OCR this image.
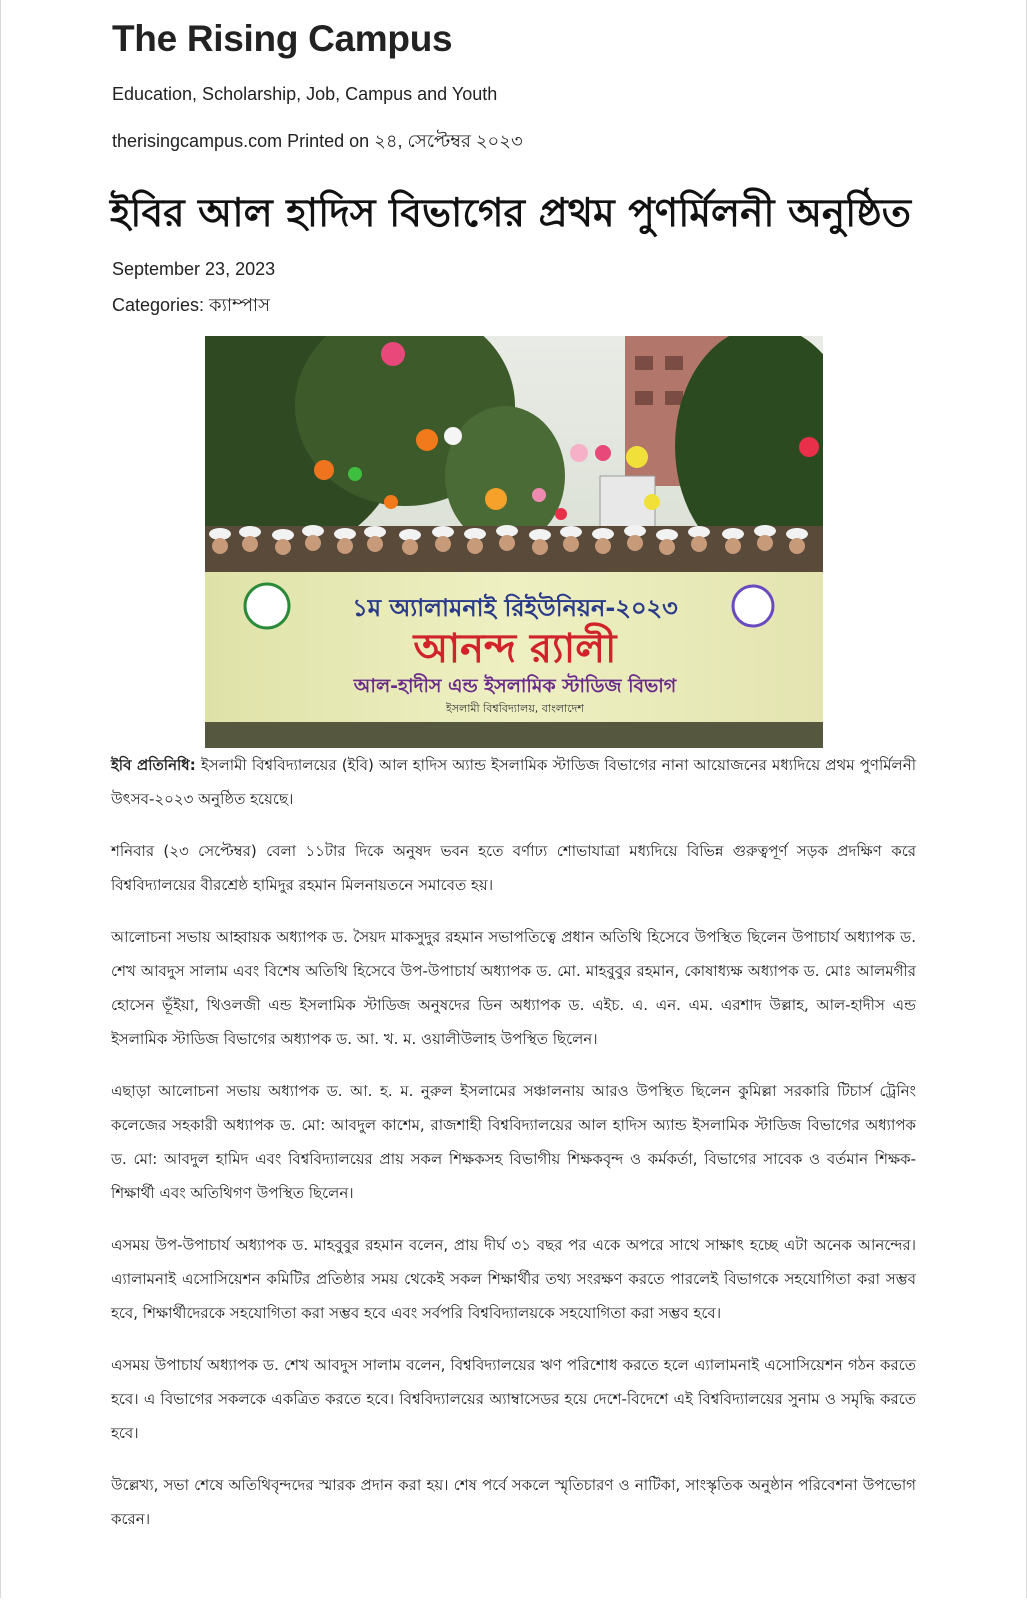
The Rising Campus
Education, Scholarship, Job, Campus and Youth
therisingcampus.com Printed on ২৪, সেপ্টেম্বর ২০২৩
ইবির আল হাদিস বিভাগের প্রথম পুণর্মিলনী অনুষ্ঠিত
September 23, 2023
Categories: ক্যাম্পাস
১ম অ্যালামনাই রিইউনিয়ন-২০২৩
আনন্দ র‍্যালী
আল-হাদীস এন্ড ইসলামিক স্টাডিজ বিভাগ
ইসলামী বিশ্ববিদ্যালয়, বাংলাদেশ

ইবি প্রতিনিধি: ইসলামী বিশ্ববিদ্যালয়ের (ইবি) আল হাদিস অ্যান্ড ইসলামিক স্টাডিজ বিভাগের নানা আয়োজনের মধ্যদিয়ে প্রথম পুণর্মিলনী উৎসব-২০২৩ অনুষ্ঠিত হয়েছে।

শনিবার (২৩ সেপ্টেম্বর) বেলা ১১টার দিকে অনুষদ ভবন হতে বর্ণাঢ্য শোভাযাত্রা মধ্যদিয়ে বিভিন্ন গুরুত্বপূর্ণ সড়ক প্রদক্ষিণ করে বিশ্ববিদ্যালয়ের বীরশ্রেষ্ঠ হামিদুর রহমান মিলনায়তনে সমাবেত হয়।

আলোচনা সভায় আহ্বায়ক অধ্যাপক ড. সৈয়দ মাকসুদুর রহমান সভাপতিত্বে প্রধান অতিথি হিসেবে উপস্থিত ছিলেন উপাচার্য অধ্যাপক ড. শেখ আবদুস সালাম এবং বিশেষ অতিথি হিসেবে উপ-উপাচার্য অধ্যাপক ড. মো. মাহবুবুর রহমান, কোষাধ্যক্ষ অধ্যাপক ড. মোঃ আলমগীর হোসেন ভূঁইয়া, থিওলজী এন্ড ইসলামিক স্টাডিজ অনুষদের ডিন অধ্যাপক ড. এইচ. এ. এন. এম. এরশাদ উল্লাহ, আল-হাদীস এন্ড ইসলামিক স্টাডিজ বিভাগের অধ্যাপক ড. আ. খ. ম. ওয়ালীউলাহ উপস্থিত ছিলেন।

এছাড়া আলোচনা সভায় অধ্যাপক ড. আ. হ. ম. নুরুল ইসলামের সঞ্চালনায় আরও উপস্থিত ছিলেন কুমিল্লা সরকারি টিচার্স ট্রেনিং কলেজের সহকারী অধ্যাপক ড. মো: আবদুল কাশেম, রাজশাহী বিশ্ববিদ্যালয়ের আল হাদিস অ্যান্ড ইসলামিক স্টাডিজ বিভাগের অধ্যাপক ড. মো: আবদুল হামিদ এবং বিশ্ববিদ্যালয়ের প্রায় সকল শিক্ষকসহ বিভাগীয় শিক্ষকবৃন্দ ও কর্মকর্তা, বিভাগের সাবেক ও বর্তমান শিক্ষক-শিক্ষার্থী এবং অতিথিগণ উপস্থিত ছিলেন।

এসময় উপ-উপাচার্য অধ্যাপক ড. মাহবুবুর রহমান বলেন, প্রায় দীর্ঘ ৩১ বছর পর একে অপরে সাথে সাক্ষাৎ হচ্ছে এটা অনেক আনন্দের। এ্যালামনাই এসোসিয়েশন কমিটির প্রতিষ্ঠার সময় থেকেই সকল শিক্ষার্থীর তথ্য সংরক্ষণ করতে পারলেই বিভাগকে সহযোগিতা করা সম্ভব হবে, শিক্ষার্থীদেরকে সহযোগিতা করা সম্ভব হবে এবং সর্বপরি বিশ্ববিদ্যালয়কে সহযোগিতা করা সম্ভব হবে।

এসময় উপাচার্য অধ্যাপক ড. শেখ আবদুস সালাম বলেন, বিশ্ববিদ্যালয়ের ঋণ পরিশোধ করতে হলে এ্যালামনাই এসোসিয়েশন গঠন করতে হবে। এ বিভাগের সকলকে একত্রিত করতে হবে। বিশ্ববিদ্যালয়ের অ্যাম্বাসেডর হয়ে দেশে-বিদেশে এই বিশ্ববিদ্যালয়ের সুনাম ও সমৃদ্ধি করতে হবে।

উল্লেখ্য, সভা শেষে অতিথিবৃন্দদের স্মারক প্রদান করা হয়। শেষ পর্বে সকলে স্মৃতিচারণ ও নাটিকা, সাংস্কৃতিক অনুষ্ঠান পরিবেশনা উপভোগ করেন।
